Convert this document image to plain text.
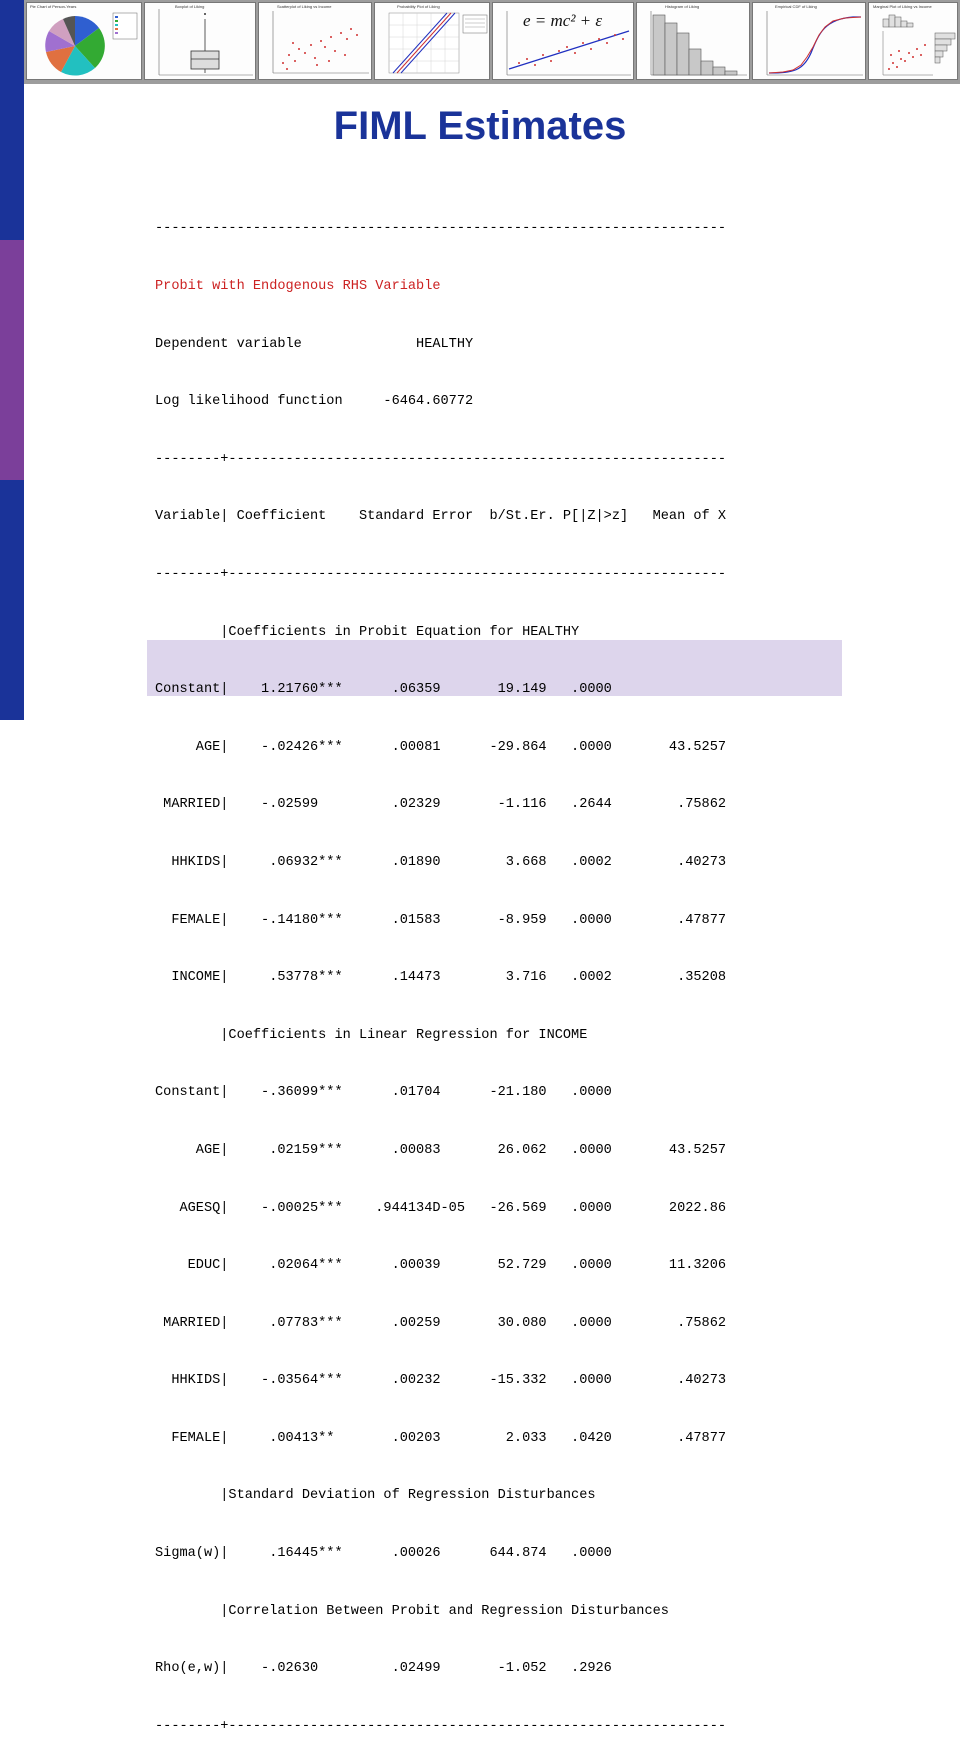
Pie Chart of Person-Years	Boxplot of Liking	Scatterplot of Liking vs Income	Probability Plot of Liking
e = mc² + ε
Histogram of Liking	Empirical CDF of Liking	Marginal Plot of Liking vs Income
FIML Estimates

----------------------------------------------------------------------

Probit with Endogenous RHS Variable

Dependent variable              HEALTHY

Log likelihood function     -6464.60772

--------+-------------------------------------------------------------

Variable| Coefficient    Standard Error  b/St.Er. P[|Z|>z]   Mean of X

--------+-------------------------------------------------------------

|Coefficients in Probit Equation for HEALTHY

Constant|    1.21760***      .06359       19.149   .0000

AGE|    -.02426***      .00081      -29.864   .0000       43.5257

MARRIED|    -.02599         .02329       -1.116   .2644        .75862

HHKIDS|     .06932***      .01890        3.668   .0002        .40273

FEMALE|    -.14180***      .01583       -8.959   .0000        .47877

INCOME|     .53778***      .14473        3.716   .0002        .35208

|Coefficients in Linear Regression for INCOME

Constant|    -.36099***      .01704      -21.180   .0000

AGE|     .02159***      .00083       26.062   .0000       43.5257

AGESQ|    -.00025***    .944134D-05   -26.569   .0000       2022.86

EDUC|     .02064***      .00039       52.729   .0000       11.3206

MARRIED|     .07783***      .00259       30.080   .0000        .75862

HHKIDS|    -.03564***      .00232      -15.332   .0000        .40273

FEMALE|     .00413**       .00203        2.033   .0420        .47877

|Standard Deviation of Regression Disturbances

Sigma(w)|     .16445***      .00026      644.874   .0000

|Correlation Between Probit and Regression Disturbances

Rho(e,w)|    -.02630         .02499       -1.052   .2926

--------+-------------------------------------------------------------
